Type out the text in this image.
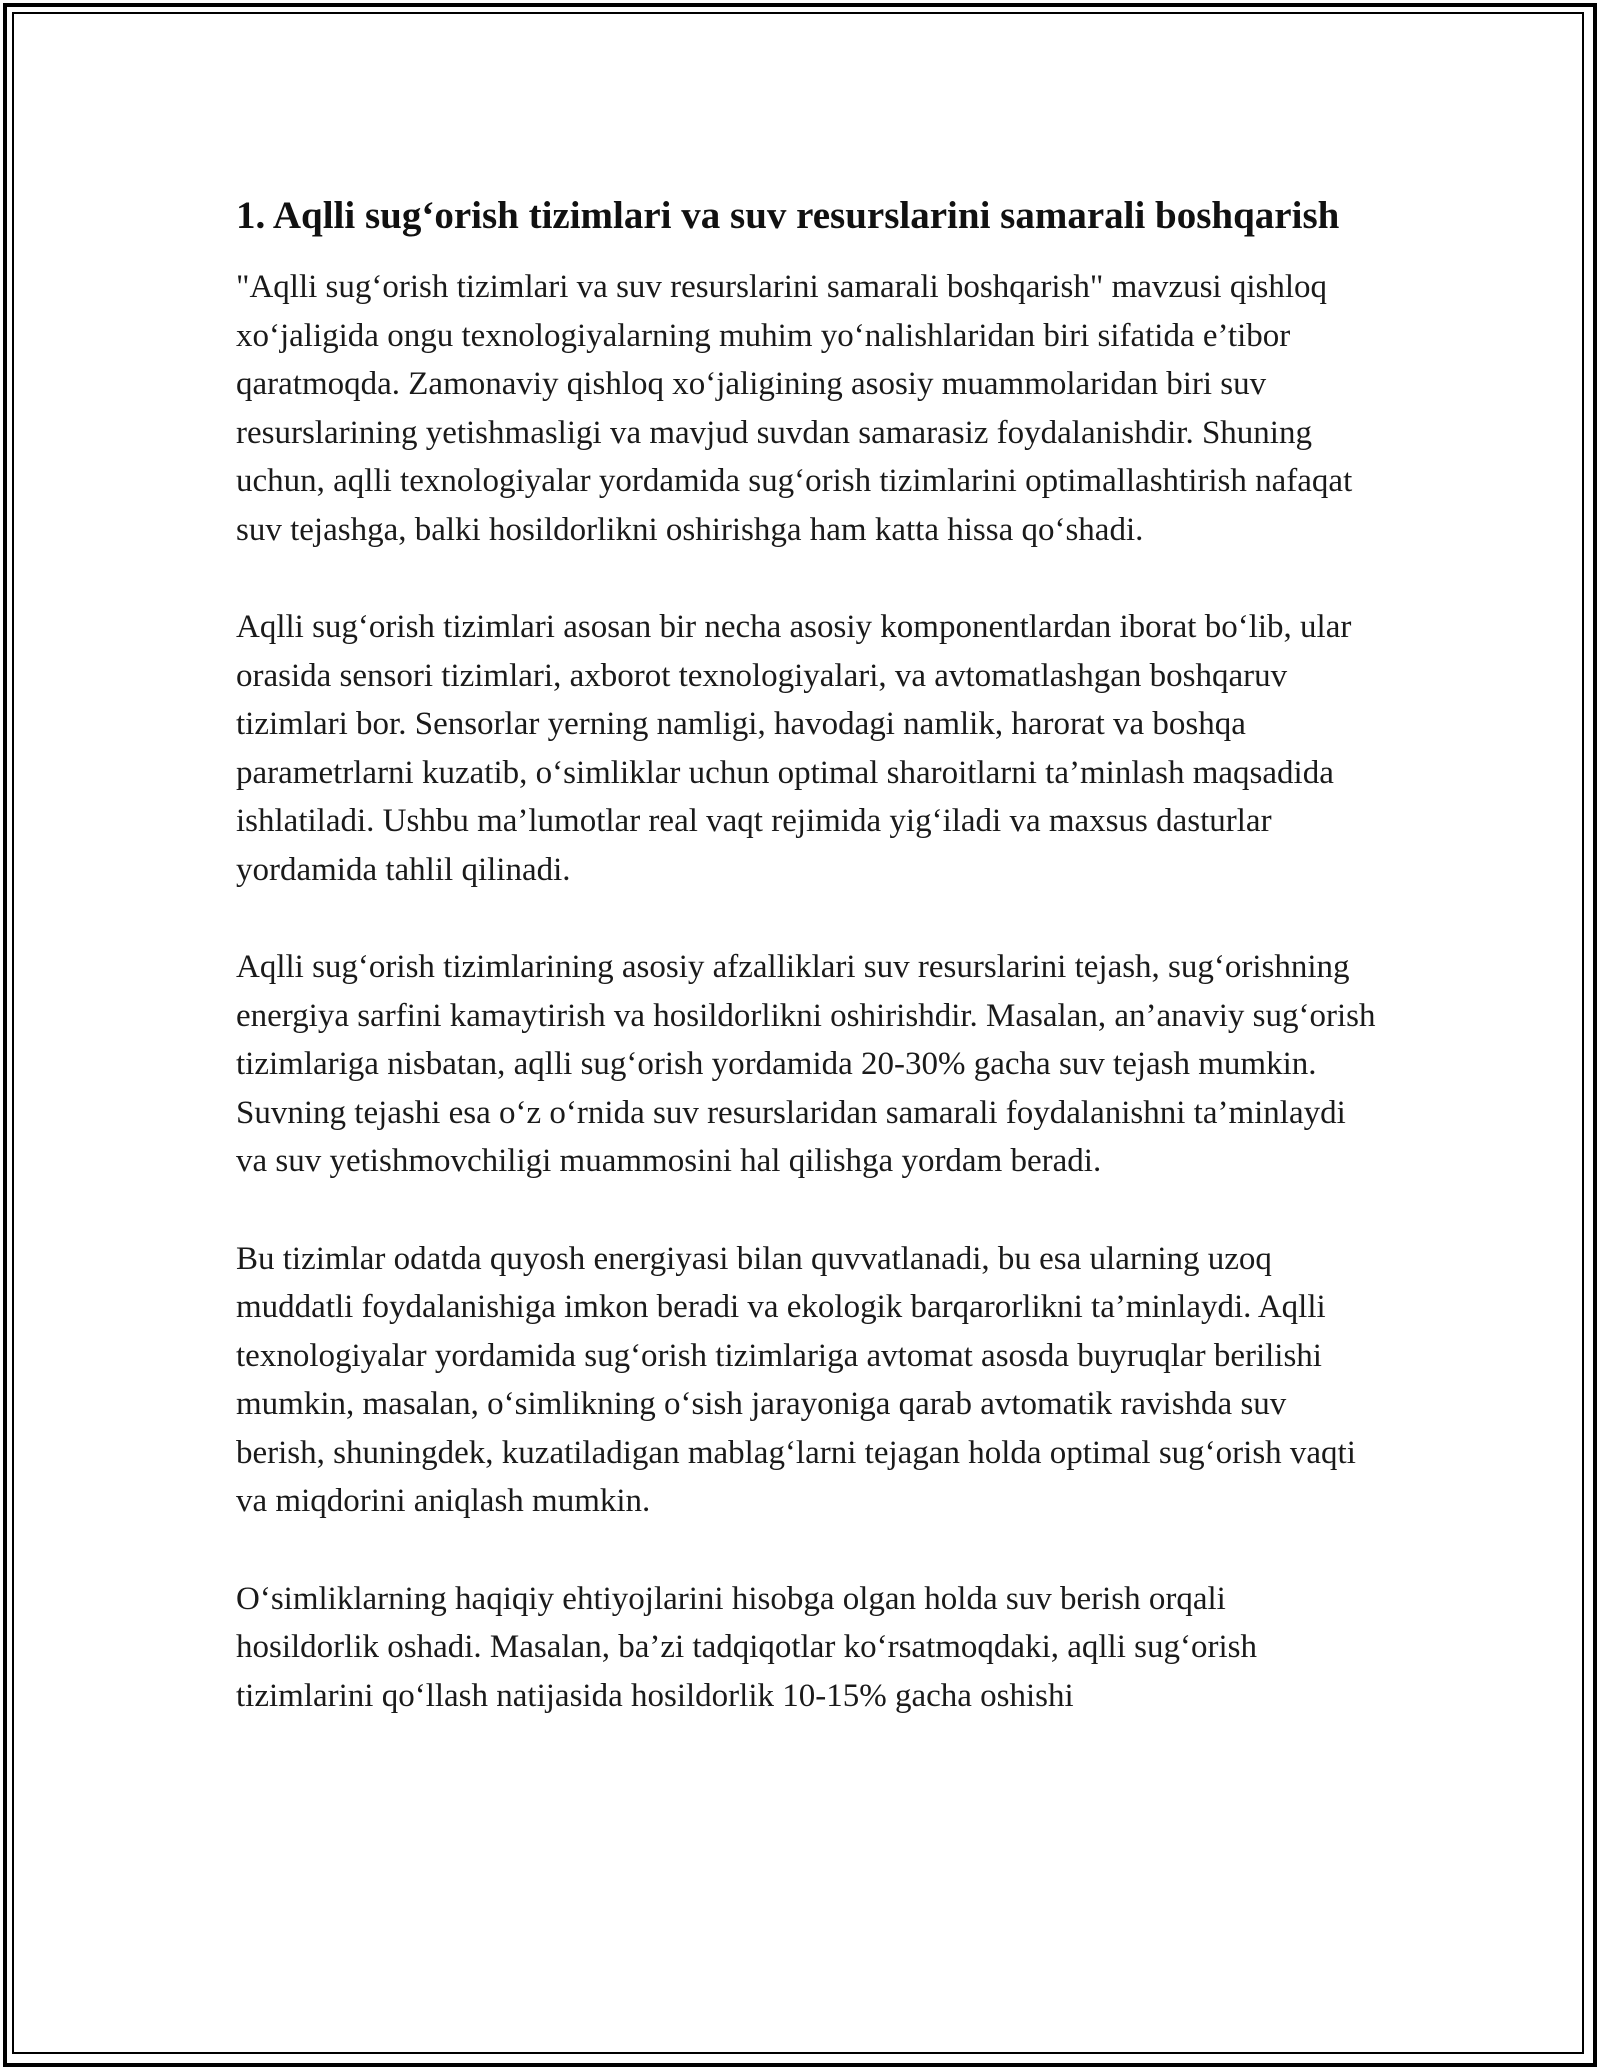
1. Aqlli sug‘orish tizimlari va suv resurslarini samarali boshqarish

"Aqlli sug‘orish tizimlari va suv resurslarini samarali boshqarish" mavzusi qishloq xo‘jaligida ongu texnologiyalarning muhim yo‘nalishlaridan biri sifatida e’tibor qaratmoqda. Zamonaviy qishloq xo‘jaligining asosiy muammolaridan biri suv resurslarining yetishmasligi va mavjud suvdan samarasiz foydalanishdir. Shuning uchun, aqlli texnologiyalar yordamida sug‘orish tizimlarini optimallashtirish nafaqat suv tejashga, balki hosildorlikni oshirishga ham katta hissa qo‘shadi.

Aqlli sug‘orish tizimlari asosan bir necha asosiy komponentlardan iborat bo‘lib, ular orasida sensori tizimlari, axborot texnologiyalari, va avtomatlashgan boshqaruv tizimlari bor. Sensorlar yerning namligi, havodagi namlik, harorat va boshqa parametrlarni kuzatib, o‘simliklar uchun optimal sharoitlarni ta’minlash maqsadida ishlatiladi. Ushbu ma’lumotlar real vaqt rejimida yig‘iladi va maxsus dasturlar yordamida tahlil qilinadi.

Aqlli sug‘orish tizimlarining asosiy afzalliklari suv resurslarini tejash, sug‘orishning energiya sarfini kamaytirish va hosildorlikni oshirishdir. Masalan, an’anaviy sug‘orish tizimlariga nisbatan, aqlli sug‘orish yordamida 20-30% gacha suv tejash mumkin. Suvning tejashi esa o‘z o‘rnida suv resurslaridan samarali foydalanishni ta’minlaydi va suv yetishmovchiligi muammosini hal qilishga yordam beradi.

Bu tizimlar odatda quyosh energiyasi bilan quvvatlanadi, bu esa ularning uzoq muddatli foydalanishiga imkon beradi va ekologik barqarorlikni ta’minlaydi. Aqlli texnologiyalar yordamida sug‘orish tizimlariga avtomat asosda buyruqlar berilishi mumkin, masalan, o‘simlikning o‘sish jarayoniga qarab avtomatik ravishda suv berish, shuningdek, kuzatiladigan mablag‘larni tejagan holda optimal sug‘orish vaqti va miqdorini aniqlash mumkin.

O‘simliklarning haqiqiy ehtiyojlarini hisobga olgan holda suv berish orqali hosildorlik oshadi. Masalan, ba’zi tadqiqotlar ko‘rsatmoqdaki, aqlli sug‘orish tizimlarini qo‘llash natijasida hosildorlik 10-15% gacha oshishi
